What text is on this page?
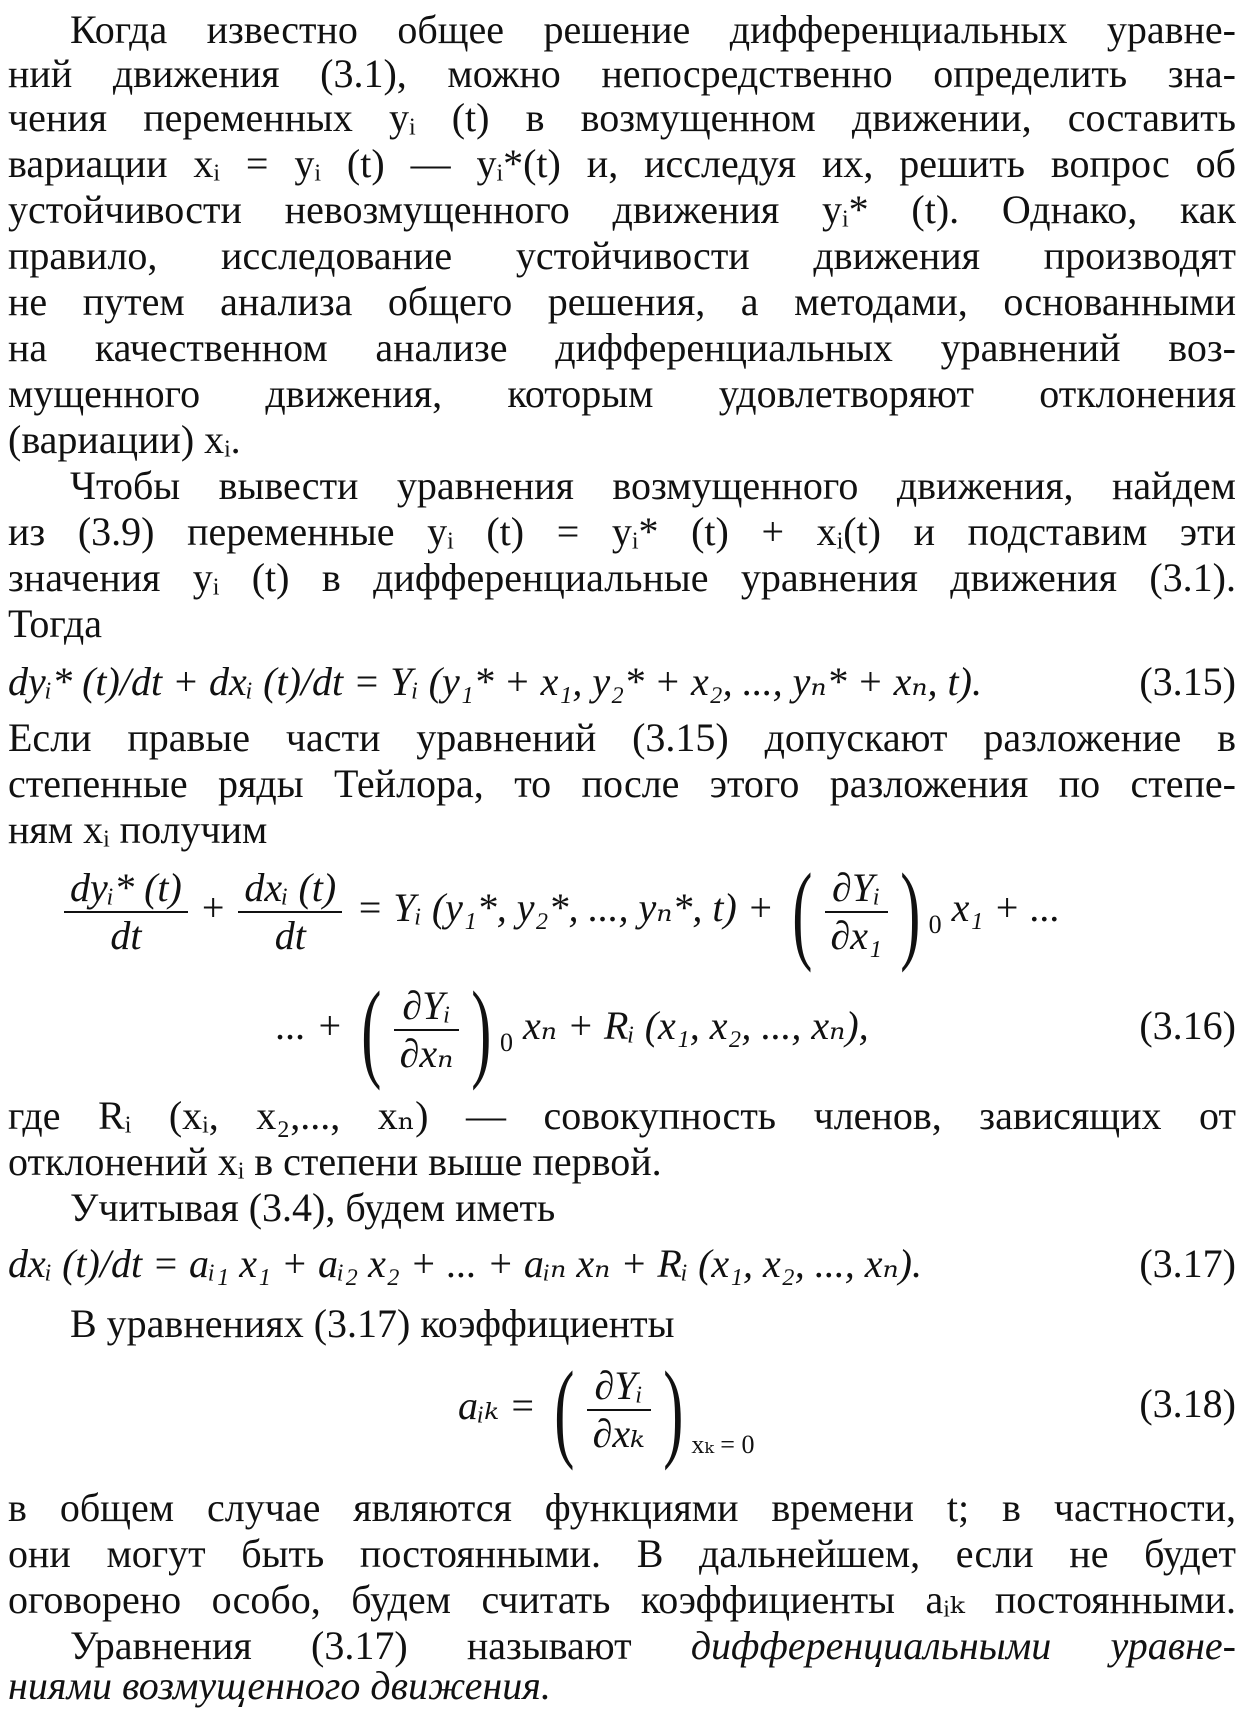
Когда известно общее решение дифференциальных уравне-
ний движения (3.1), можно непосредственно определить зна-
чения переменных yᵢ (t) в возмущенном движении, составить
вариации xᵢ = yᵢ (t) — yᵢ*(t) и, исследуя их, решить вопрос об
устойчивости невозмущенного движения yᵢ* (t). Однако, как
правило, исследование устойчивости движения производят
не путем анализа общего решения, а методами, основанными
на качественном анализе дифференциальных уравнений воз-
мущенного движения, которым удовлетворяют отклонения
(вариации) xᵢ.
Чтобы вывести уравнения возмущенного движения, найдем
из (3.9) переменные yᵢ (t) = yᵢ* (t) + xᵢ(t) и подставим эти
значения yᵢ (t) в дифференциальные уравнения движения (3.1).
Тогда
dyᵢ* (t)/dt + dxᵢ (t)/dt = Yᵢ (y₁* + x₁, y₂* + x₂, ..., yₙ* + xₙ, t).	(3.15)
Если правые части уравнений (3.15) допускают разложение в
степенные ряды Тейлора, то после этого разложения по степе-
ням xᵢ получим
$\frac{\text{dyᵢ* (t)}}{dt} + \frac{\text{dxᵢ (t)}}{dt}$ = Yᵢ (y₁*, y₂*, ..., yₙ*, t) + ( $\frac{\text{∂Yᵢ}}{\text{∂x₁}}$ ) $_0$ x₁ + ...
... + ( $\frac{\text{∂Yᵢ}}{\text{∂xₙ}}$ ) $_0$ xₙ + Rᵢ (x₁, x₂, ..., xₙ),	(3.16)
где Rᵢ (xᵢ, x₂,..., xₙ) — совокупность членов, зависящих от
отклонений xᵢ в степени выше первой.
Учитывая (3.4), будем иметь
dxᵢ (t)/dt = aᵢ₁ x₁ + aᵢ₂ x₂ + ... + aᵢₙ xₙ + Rᵢ (x₁, x₂, ..., xₙ).	(3.17)
В уравнениях (3.17) коэффициенты
aᵢₖ = ( $\frac{\text{∂Yᵢ}}{\text{∂xₖ}}$ ) $_{x_k = 0}$
(3.18)
в общем случае являются функциями времени t; в частности,
они могут быть постоянными. В дальнейшем, если не будет
оговорено особо, будем считать коэффициенты aᵢₖ постоянными.
Уравнения (3.17) называют дифференциальными уравне-
ниями возмущенного движения.
